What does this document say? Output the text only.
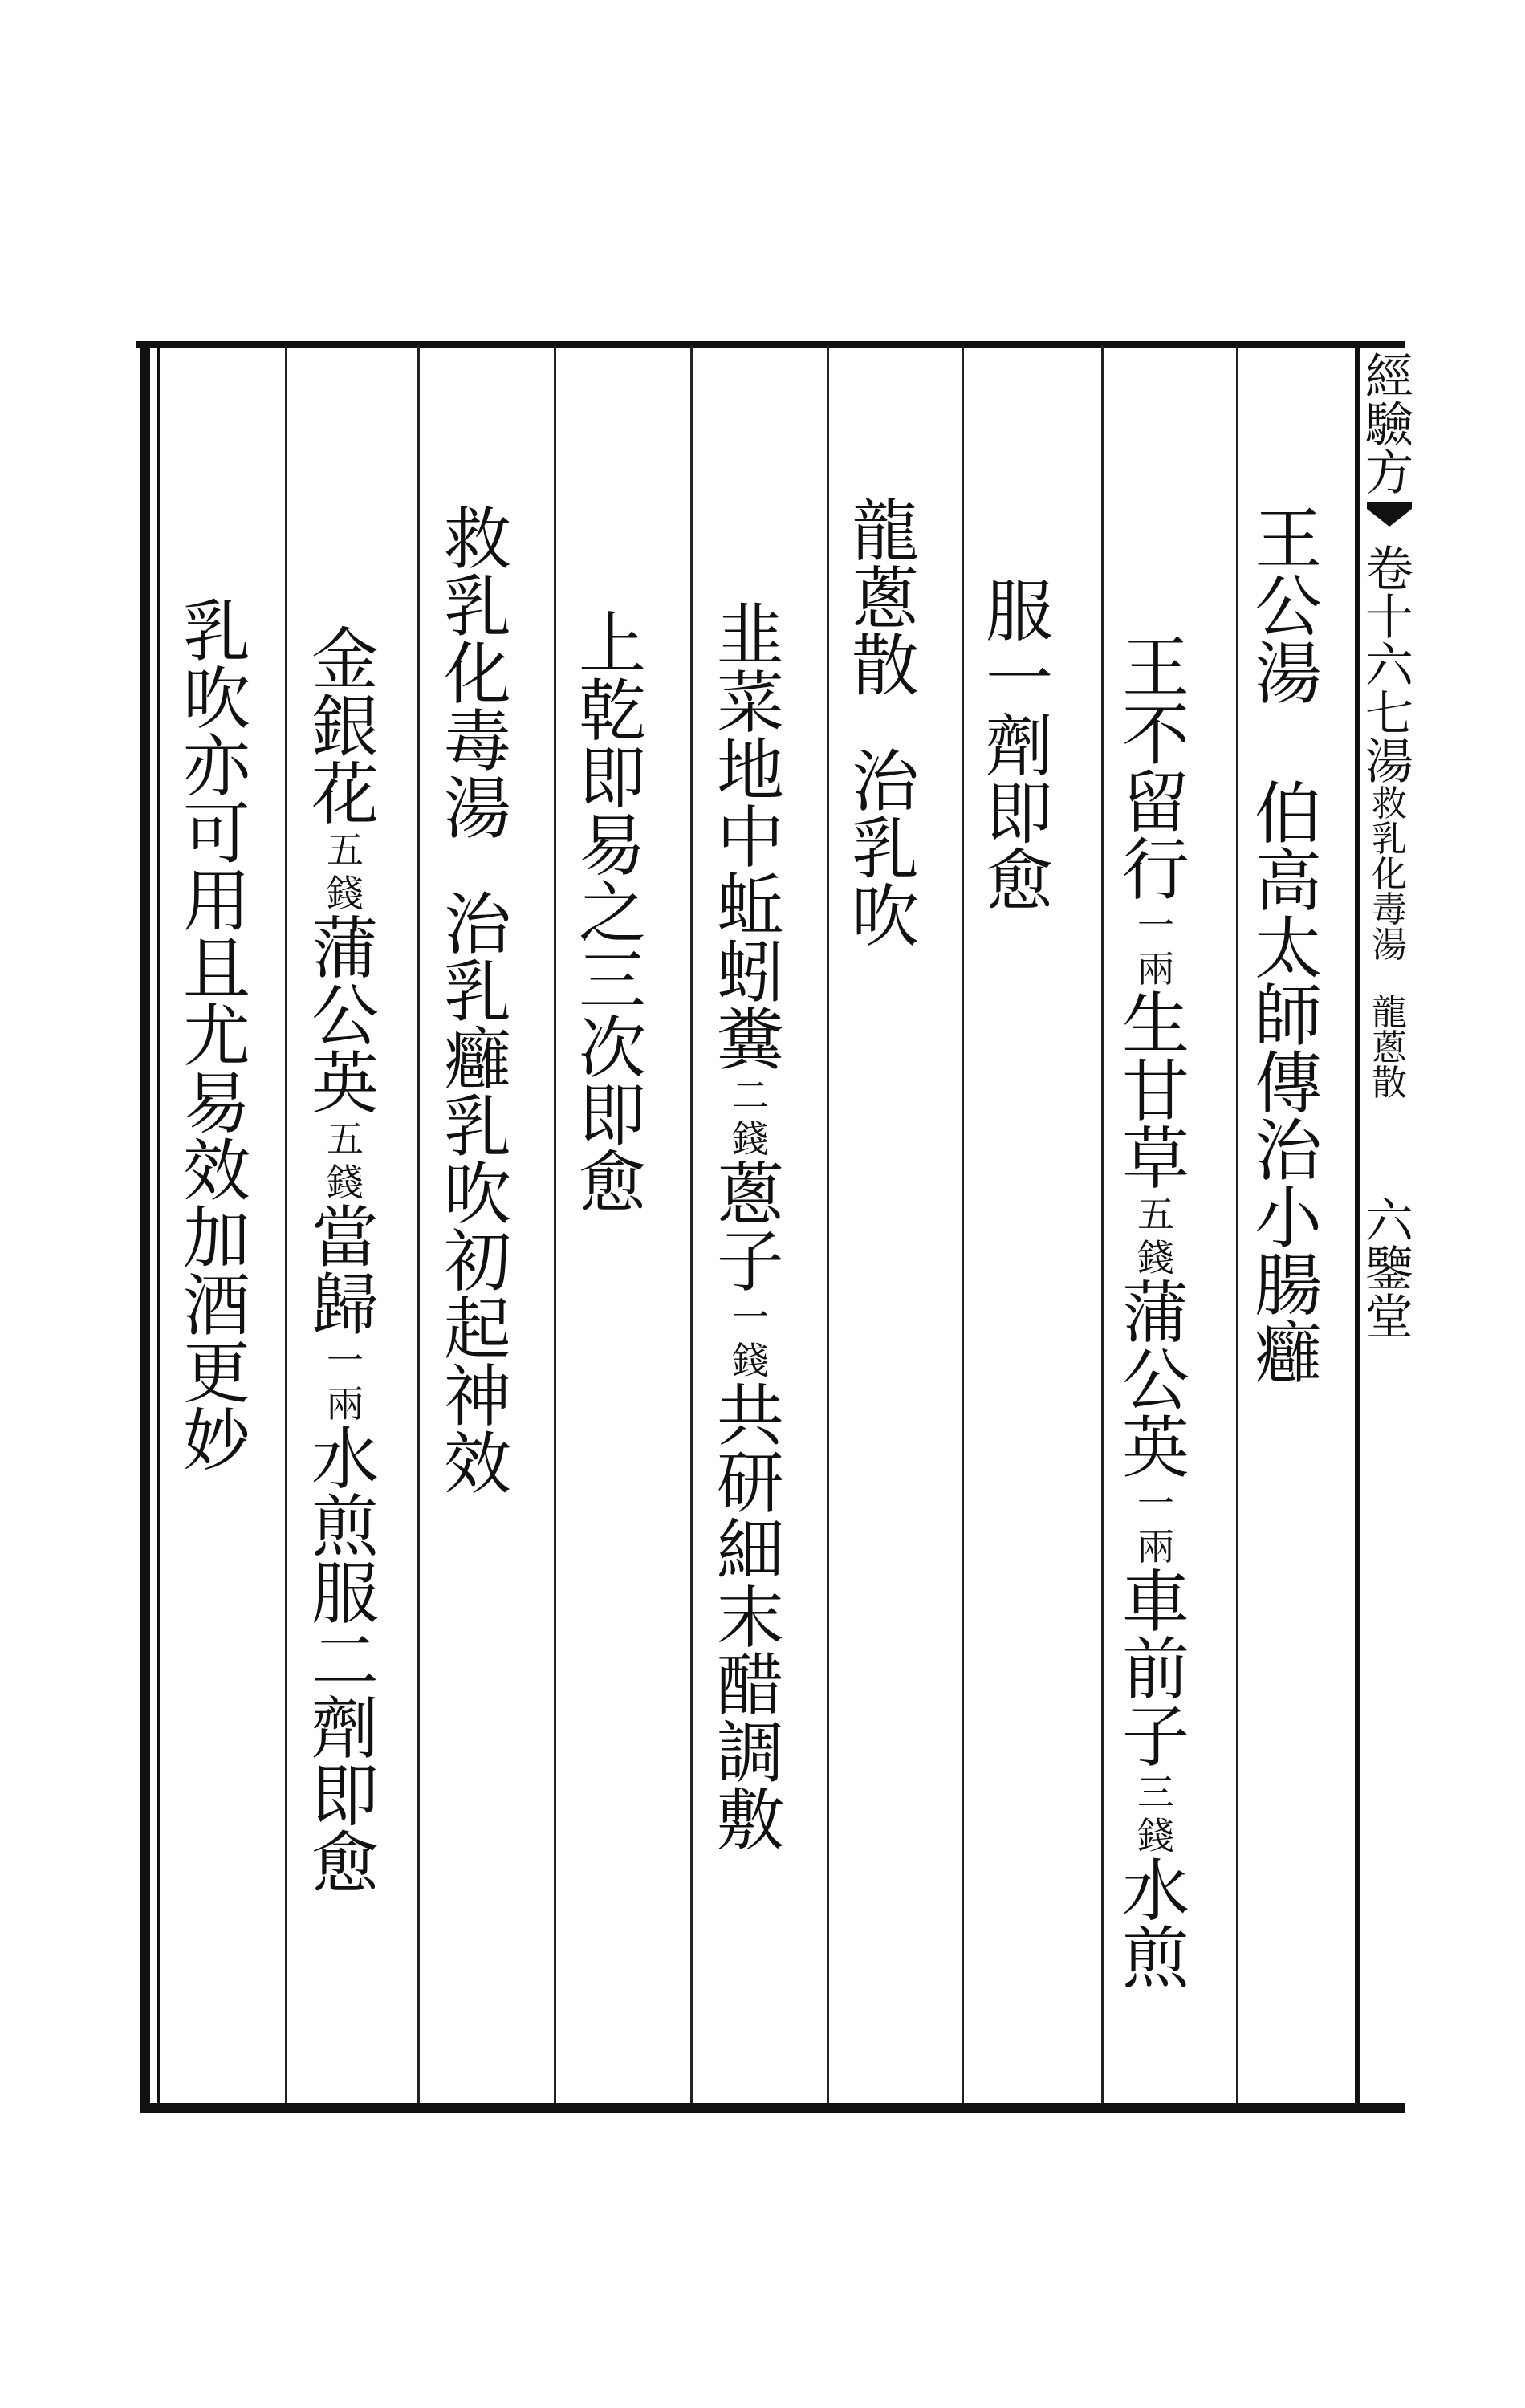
經
驗
方
卷
十
六
七
湯
救
乳
化
毒
湯
龍
蔥
散
六
鑒
堂
王
公
湯
伯
高
太
師
傳
治
小
腸
癰
王
不
留
行
一
兩
生
甘
草
五
錢
蒲
公
英
一
兩
車
前
子
三
錢
水
煎
服
一
劑
即
愈
龍
蔥
散
治
乳
吹
韭
菜
地
中
蚯
蚓
糞
二
錢
蔥
子
一
錢
共
研
細
末
醋
調
敷
上
乾
即
易
之
三
次
即
愈
救
乳
化
毒
湯
治
乳
癰
乳
吹
初
起
神
效
金
銀
花
五
錢
蒲
公
英
五
錢
當
歸
一
兩
水
煎
服
二
劑
即
愈
乳
吹
亦
可
用
且
尤
易
效
加
酒
更
妙
